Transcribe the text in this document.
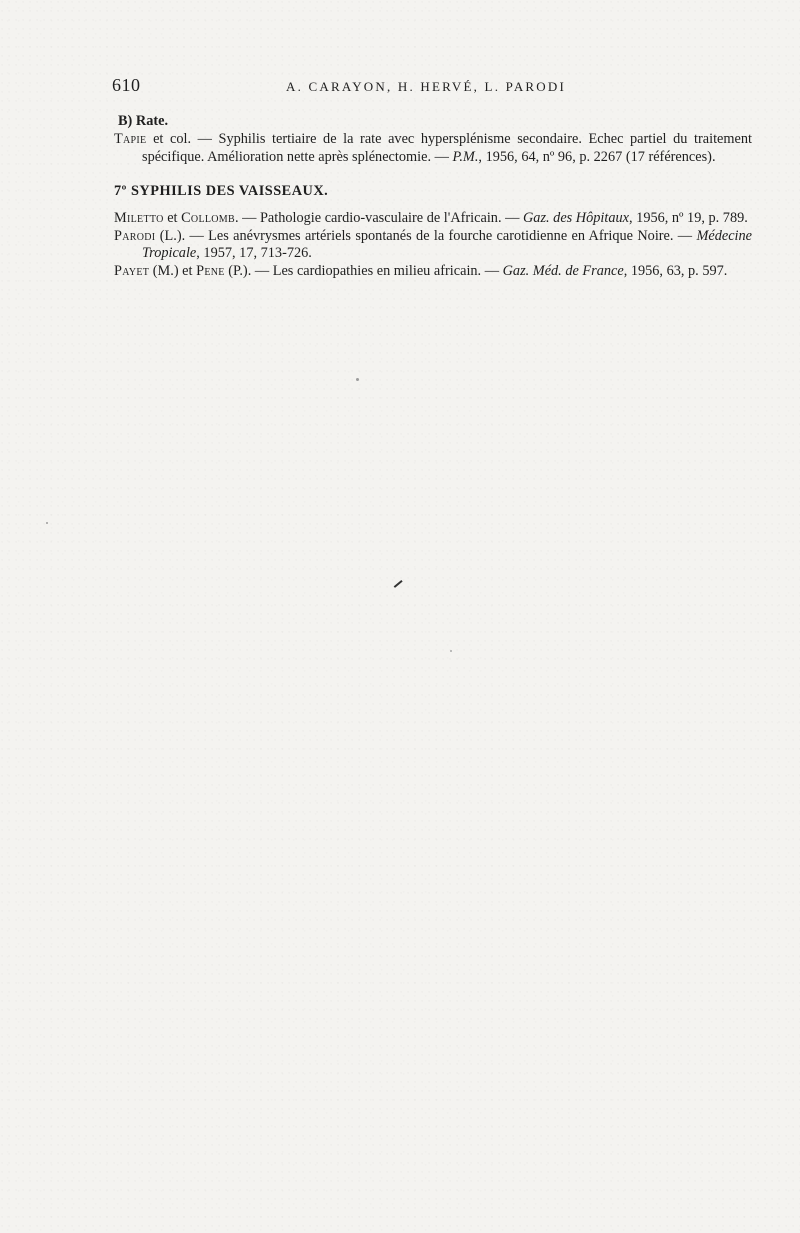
610	A. CARAYON, H. HERVÉ, L. PARODI
B) Rate.

Tapie et col. — Syphilis tertiaire de la rate avec hypersplénisme secondaire. Echec partiel du traitement spécifique. Amélioration nette après splénectomie. — P.M., 1956, 64, nº 96, p. 2267 (17 références).

7º SYPHILIS DES VAISSEAUX.

Miletto et Collomb. — Pathologie cardio-vasculaire de l'Africain. — Gaz. des Hôpitaux, 1956, nº 19, p. 789.

Parodi (L.). — Les anévrysmes artériels spontanés de la fourche carotidienne en Afrique Noire. — Médecine Tropicale, 1957, 17, 713-726.

Payet (M.) et Pene (P.). — Les cardiopathies en milieu africain. — Gaz. Méd. de France, 1956, 63, p. 597.
